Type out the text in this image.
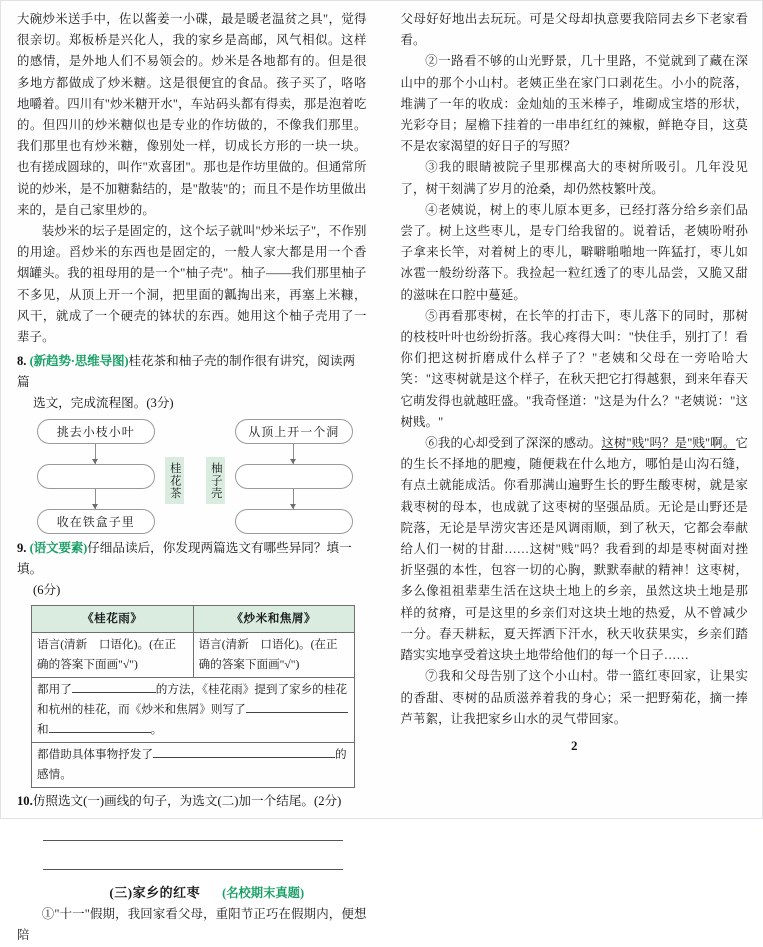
大碗炒米送手中，佐以酱姜一小碟，最是暖老温贫之具"，觉得很亲切。郑板桥是兴化人，我的家乡是高邮，风气相似。这样的感情，是外地人们不易领会的。炒米是各地都有的。但是很多地方都做成了炒米糖。这是很便宜的食品。孩子买了，咯咯地嚼着。四川有"炒米糖开水"，车站码头都有得卖，那是泡着吃的。但四川的炒米糖似也是专业的作坊做的，不像我们那里。我们那里也有炒米糖，像别处一样，切成长方形的一块一块。也有搓成圆球的，叫作"欢喜团"。那也是作坊里做的。但通常所说的炒米，是不加糖黏结的，是"散装"的；而且不是作坊里做出来的，是自己家里炒的。

装炒米的坛子是固定的，这个坛子就叫"炒米坛子"，不作别的用途。舀炒米的东西也是固定的，一般人家大都是用一个香烟罐头。我的祖母用的是一个"柚子壳"。柚子——我们那里柚子不多见，从顶上开一个洞，把里面的瓤掏出来，再塞上米糠，风干，就成了一个硬壳的钵状的东西。她用这个柚子壳用了一辈子。

8. (新趋势·思维导图)桂花茶和柚子壳的制作很有讲究，阅读两篇
选文，完成流程图。(3分)
挑去小枝小叶
收在铁盒子里
桂花茶	柚子壳
从顶上开一个洞
9. (语文要素)仔细品读后，你发现两篇选文有哪些异同？填一填。
(6分)
《桂花雨》	《炒米和焦屑》
语言(清新　口语化)。(在正确的答案下面画"√")	语言(清新　口语化)。(在正确的答案下面画"√")
都用了 的方法，《桂花雨》提到了家乡的桂花和杭州的桂花，而《炒米和焦屑》则写了和 。	
都借助具体事物抒发了 的感情。	
10.仿照选文(一)画线的句子，为选文(二)加一个结尾。(2分)
(三)家乡的红枣 (名校期末真题)

①"十一"假期，我回家看父母，重阳节正巧在假期内，便想陪

父母好好地出去玩玩。可是父母却执意要我陪同去乡下老家看看。

②一路看不够的山光野景，几十里路，不觉就到了藏在深山中的那个小山村。老姨正坐在家门口剥花生。小小的院落，堆满了一年的收成：金灿灿的玉米棒子，堆砌成宝塔的形状，光彩夺目；屋檐下挂着的一串串红红的辣椒，鲜艳夺目，这莫不是农家渴望的好日子的写照？

③我的眼睛被院子里那棵高大的枣树所吸引。几年没见了，树干刻满了岁月的沧桑，却仍然枝繁叶茂。

④老姨说，树上的枣儿原本更多，已经打落分给乡亲们品尝了。树上这些枣儿，是专门给我留的。说着话，老姨吩咐孙子拿来长竿，对着树上的枣儿，噼噼啪啪地一阵猛打，枣儿如冰雹一般纷纷落下。我捡起一粒红透了的枣儿品尝，又脆又甜的滋味在口腔中蔓延。

⑤再看那枣树，在长竿的打击下，枣儿落下的同时，那树的枝枝叶叶也纷纷折落。我心疼得大叫："快住手，别打了！看你们把这树折磨成什么样子了？"老姨和父母在一旁哈哈大笑："这枣树就是这个样子，在秋天把它打得越狠，到来年春天它萌发得也就越旺盛。"我奇怪道："这是为什么？"老姨说："这树贱。"

⑥我的心却受到了深深的感动。这树"贱"吗？是"贱"啊。它的生长不择地的肥瘦，随便栽在什么地方，哪怕是山沟石缝，有点土就能成活。你看那满山遍野生长的野生酸枣树，就是家栽枣树的母本，也成就了这枣树的坚强品质。无论是山野还是院落，无论是旱涝灾害还是风调雨顺，到了秋天，它都会奉献给人们一树的甘甜……这树"贱"吗？我看到的却是枣树面对挫折坚强的本性，包容一切的心胸，默默奉献的精神！这枣树，多么像祖祖辈辈生活在这块土地上的乡亲，虽然这块土地是那样的贫瘠，可是这里的乡亲们对这块土地的热爱，从不曾减少一分。春天耕耘，夏天挥洒下汗水，秋天收获果实，乡亲们踏踏实实地享受着这块土地带给他们的每一个日子……

⑦我和父母告别了这个小山村。带一篮红枣回家，让果实的香甜、枣树的品质滋养着我的身心；采一把野菊花，摘一捧芦苇絮，让我把家乡山水的灵气带回家。

2
